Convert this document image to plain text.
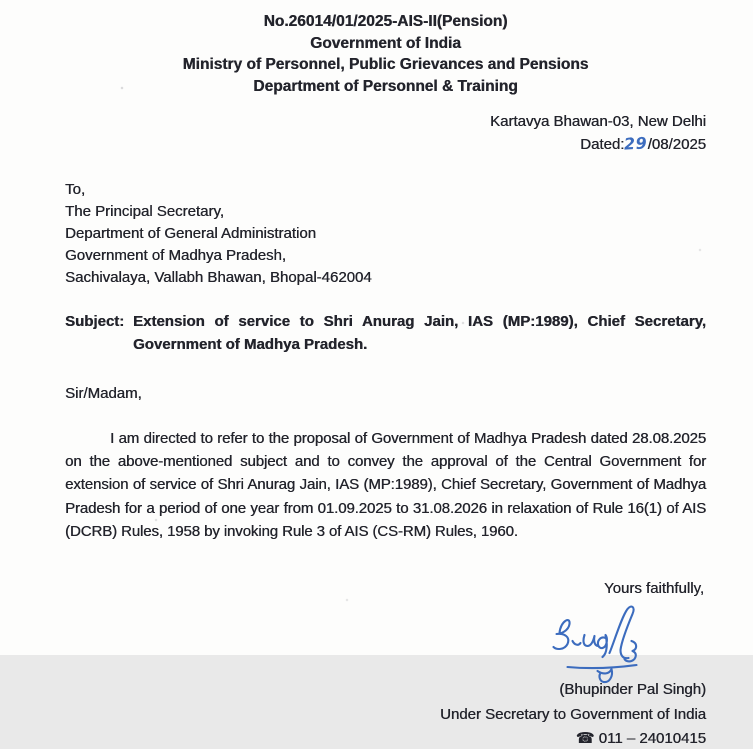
No.26014/01/2025-AIS-II(Pension)
Government of India
Ministry of Personnel, Public Grievances and Pensions
Department of Personnel & Training
Kartavya Bhawan-03, New Delhi
Dated:29/08/2025
To,
The Principal Secretary,
Department of General Administration
Government of Madhya Pradesh,
Sachivalaya, Vallabh Bhawan, Bhopal-462004
Subject: Extension of service to Shri Anurag Jain, IAS (MP:1989), Chief Secretary, Government of Madhya Pradesh.
Sir/Madam,

I am directed to refer to the proposal of Government of Madhya Pradesh dated 28.08.2025 on the above-mentioned subject and to convey the approval of the Central Government for extension of service of Shri Anurag Jain, IAS (MP:1989), Chief Secretary, Government of Madhya Pradesh for a period of one year from 01.09.2025 to 31.08.2026 in relaxation of Rule 16(1) of AIS (DCRB) Rules, 1958 by invoking Rule 3 of AIS (CS-RM) Rules, 1960.

Yours faithfully,
(Bhupinder Pal Singh)
Under Secretary to Government of India
☎ 011 – 24010415
